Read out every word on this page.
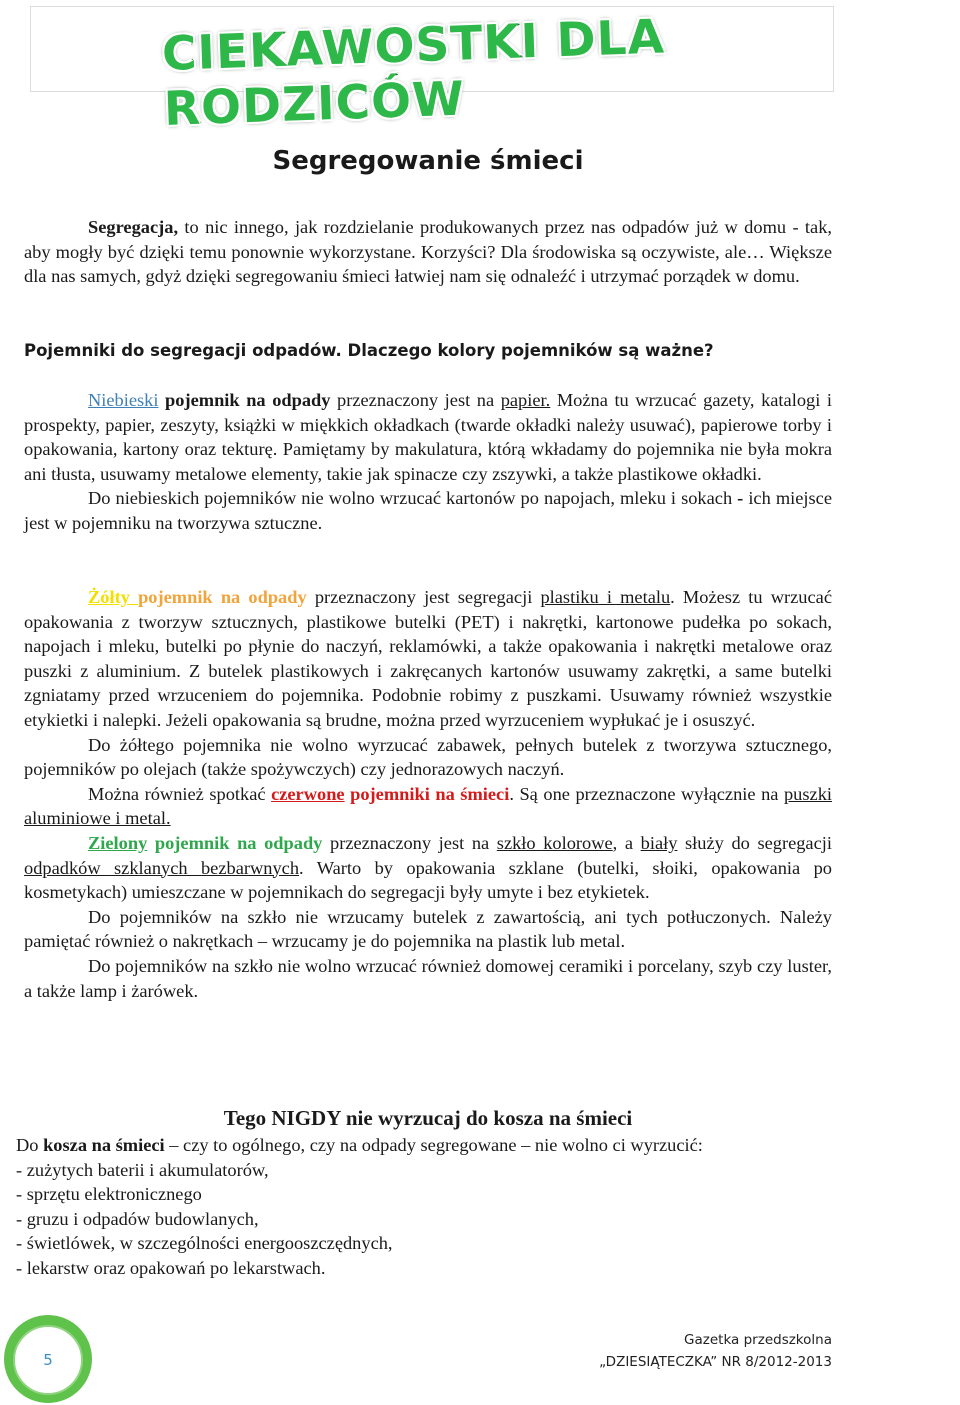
CIEKAWOSTKI DLA RODZICÓW
Segregowanie śmieci

Segregacja, to nic innego, jak rozdzielanie produkowanych przez nas odpadów już w domu - tak, aby mogły być dzięki temu ponownie wykorzystane. Korzyści? Dla środowiska są oczywiste, ale… Większe dla nas samych, gdyż dzięki segregowaniu śmieci łatwiej nam się odnaleźć i utrzymać porządek w domu.

Pojemniki do segregacji odpadów. Dlaczego kolory pojemników są ważne?

Niebieski pojemnik na odpady przeznaczony jest na papier. Można tu wrzucać gazety, katalogi i prospekty, papier, zeszyty, książki w miękkich okładkach (twarde okładki należy usuwać), papierowe torby i opakowania, kartony oraz tekturę. Pamiętamy by makulatura, którą wkładamy do pojemnika nie była mokra ani tłusta, usuwamy metalowe elementy, takie jak spinacze czy zszywki, a także plastikowe okładki.

Do niebieskich pojemników nie wolno wrzucać kartonów po napojach, mleku i sokach - ich miejsce jest w pojemniku na tworzywa sztuczne.

Żółty pojemnik na odpady przeznaczony jest segregacji plastiku i metalu. Możesz tu wrzucać opakowania z tworzyw sztucznych, plastikowe butelki (PET) i nakrętki, kartonowe pudełka po sokach, napojach i mleku, butelki po płynie do naczyń, reklamówki, a także opakowania i nakrętki metalowe oraz puszki z aluminium. Z butelek plastikowych i zakręcanych kartonów usuwamy zakrętki, a same butelki zgniatamy przed wrzuceniem do pojemnika. Podobnie robimy z puszkami. Usuwamy również wszystkie etykietki i nalepki. Jeżeli opakowania są brudne, można przed wyrzuceniem wypłukać je i osuszyć.

Do żółtego pojemnika nie wolno wyrzucać zabawek, pełnych butelek z tworzywa sztucznego, pojemników po olejach (także spożywczych) czy jednorazowych naczyń.

Można również spotkać czerwone pojemniki na śmieci. Są one przeznaczone wyłącznie na puszki aluminiowe i metal.

Zielony pojemnik na odpady przeznaczony jest na szkło kolorowe, a biały służy do segregacji odpadków szklanych bezbarwnych. Warto by opakowania szklane (butelki, słoiki, opakowania po kosmetykach) umieszczane w pojemnikach do segregacji były umyte i bez etykietek.

Do pojemników na szkło nie wrzucamy butelek z zawartością, ani tych potłuczonych. Należy pamiętać również o nakrętkach – wrzucamy je do pojemnika na plastik lub metal.

Do pojemników na szkło nie wolno wrzucać również domowej ceramiki i porcelany, szyb czy luster, a także lamp i żarówek.

Tego NIGDY nie wyrzucaj do kosza na śmieci
Do kosza na śmieci – czy to ogólnego, czy na odpady segregowane – nie wolno ci wyrzucić:
- zużytych baterii i akumulatorów,
- sprzętu elektronicznego
- gruzu i odpadów budowlanych,
- świetlówek, w szczególności energooszczędnych,
- lekarstw oraz opakowań po lekarstwach.
5
Gazetka przedszkolna
„DZIESIĄTECZKA” NR 8/2012-2013
